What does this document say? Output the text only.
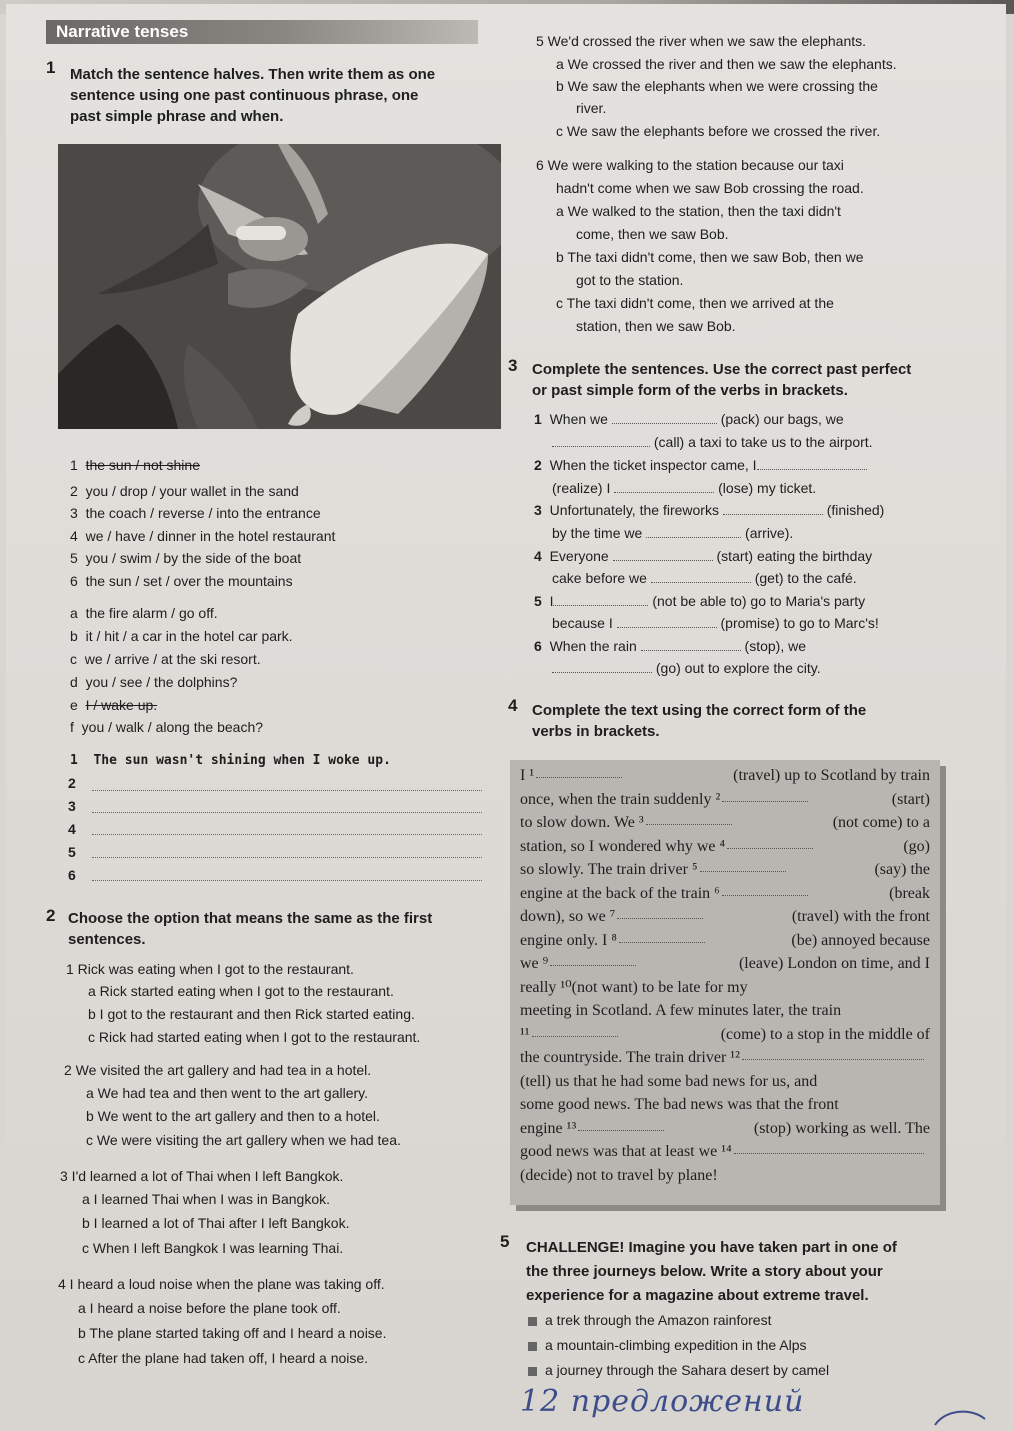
Narrative tenses
1 Match the sentence halves. Then write them as one
sentence using one past continuous phrase, one
past simple phrase and when.
1 the sun / not shine
2 you / drop / your wallet in the sand
3 the coach / reverse / into the entrance
4 we / have / dinner in the hotel restaurant
5 you / swim / by the side of the boat
6 the sun / set / over the mountains
a the fire alarm / go off.
b it / hit / a car in the hotel car park.
c we / arrive / at the ski resort.
d you / see / the dolphins?
e I / wake up.
f you / walk / along the beach?
1 The sun wasn't shining when I woke up.
2
3
4
5
6
2 Choose the option that means the same as the first
sentences.
1 Rick was eating when I got to the restaurant.
a Rick started eating when I got to the restaurant.
b I got to the restaurant and then Rick started eating.
c Rick had started eating when I got to the restaurant.
2 We visited the art gallery and had tea in a hotel.
a We had tea and then went to the art gallery.
b We went to the art gallery and then to a hotel.
c We were visiting the art gallery when we had tea.
3 I'd learned a lot of Thai when I left Bangkok.
a I learned Thai when I was in Bangkok.
b I learned a lot of Thai after I left Bangkok.
c When I left Bangkok I was learning Thai.
4 I heard a loud noise when the plane was taking off.
a I heard a noise before the plane took off.
b The plane started taking off and I heard a noise.
c After the plane had taken off, I heard a noise.
5 We'd crossed the river when we saw the elephants.
a We crossed the river and then we saw the elephants.
b We saw the elephants when we were crossing the
river.
c We saw the elephants before we crossed the river.
6 We were walking to the station because our taxi
hadn't come when we saw Bob crossing the road.
a We walked to the station, then the taxi didn't
come, then we saw Bob.
b The taxi didn't come, then we saw Bob, then we
got to the station.
c The taxi didn't come, then we arrived at the
station, then we saw Bob.
3 Complete the sentences. Use the correct past perfect
or past simple form of the verbs in brackets.
1 When we	(pack) our bags, we
(call) a taxi to take us to the airport.
2 When the ticket inspector came, I
(realize) I	(lose) my ticket.
3 Unfortunately, the fireworks	(finished)
by the time we	(arrive).
4 Everyone	(start) eating the birthday
cake before we	(get) to the café.
5 I	(not be able to) go to Maria's party
because I	(promise) to go to Marc's!
6 When the rain	(stop), we
(go) out to explore the city.
4 Complete the text using the correct form of the
verbs in brackets.
I ¹	(travel) up to Scotland by train
once, when the train suddenly ²	(start)
to slow down. We ³	(not come) to a
station, so I wondered why we ⁴	(go)
so slowly. The train driver ⁵	(say) the
engine at the back of the train ⁶	(break
down), so we ⁷	(travel) with the front
engine only. I ⁸	(be) annoyed because
we ⁹	(leave) London on time, and I
really ¹⁰ (not want) to be late for my
meeting in Scotland. A few minutes later, the train
¹¹	(come) to a stop in the middle of
the countryside. The train driver ¹²
(tell) us that he had some bad news for us, and
some good news. The bad news was that the front
engine ¹³	(stop) working as well. The
good news was that at least we ¹⁴
(decide) not to travel by plane!
5 CHALLENGE! Imagine you have taken part in one of
the three journeys below. Write a story about your
experience for a magazine about extreme travel.
a trek through the Amazon rainforest
a mountain-climbing expedition in the Alps
a journey through the Sahara desert by camel
12 предложений
